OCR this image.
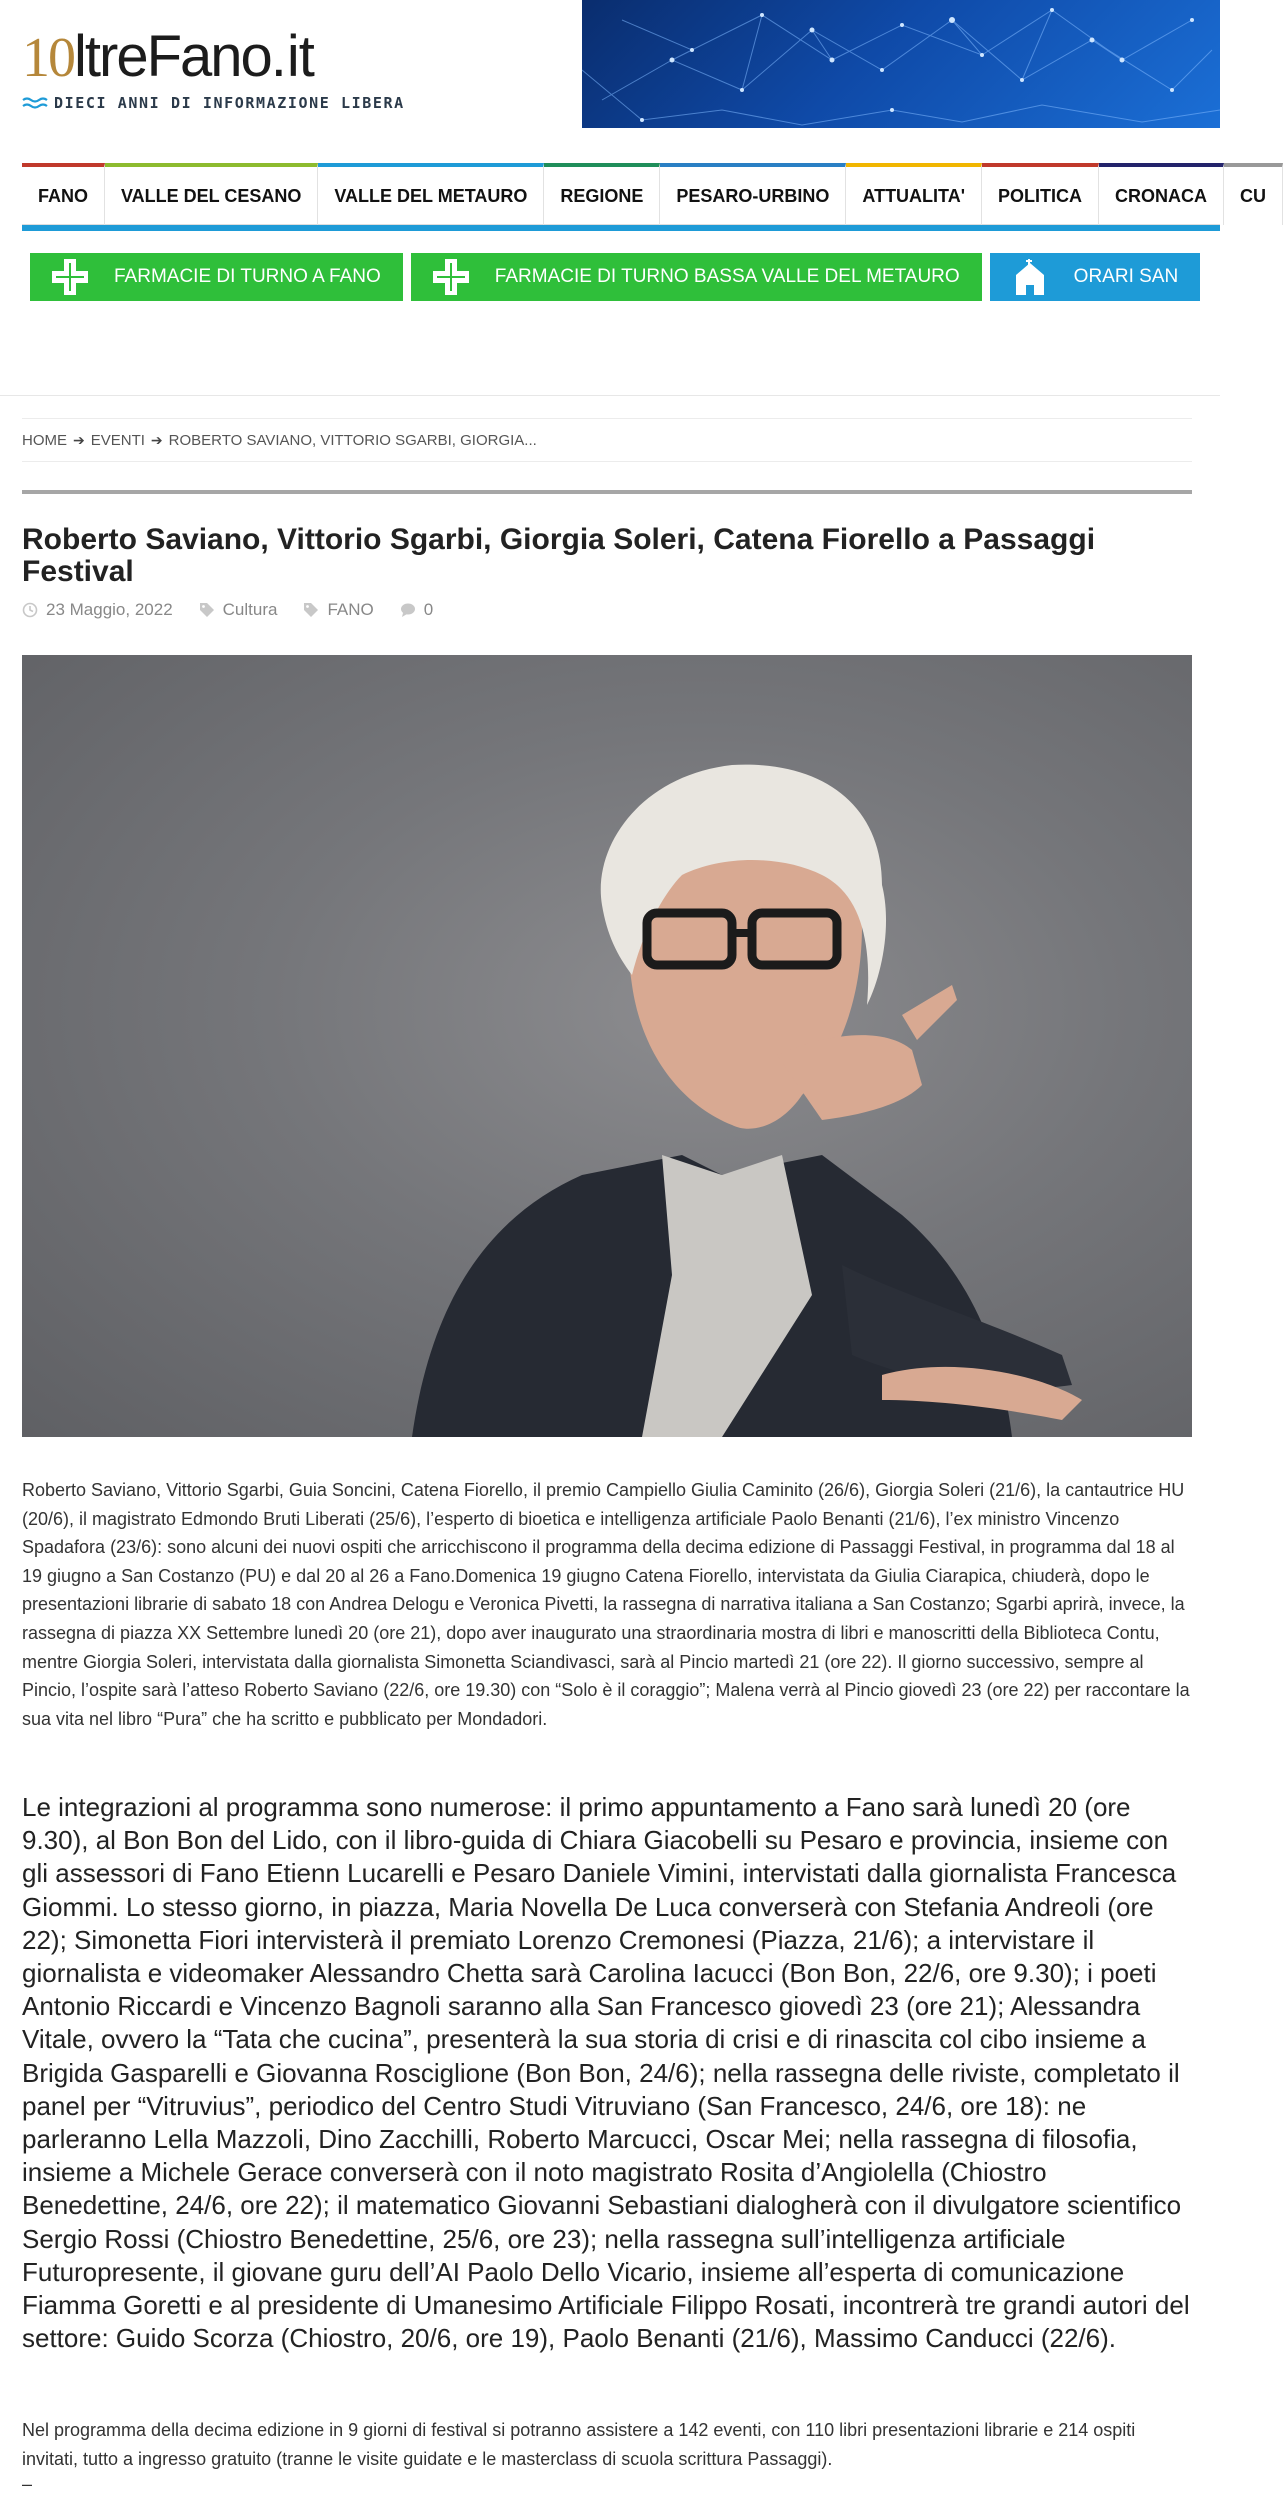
10 ltre Fano . it
DIECI ANNI DI INFORMAZIONE LIBERA
FANO VALLE DEL CESANO VALLE DEL METAURO REGIONE PESARO-URBINO ATTUALITA' POLITICA CRONACA CU
FARMACIE DI TURNO A FANO	FARMACIE DI TURNO BASSA VALLE DEL METAURO	ORARI SAN
HOME ➔ EVENTI ➔ ROBERTO SAVIANO, VITTORIO SGARBI, GIORGIA...
Roberto Saviano, Vittorio Sgarbi, Giorgia Soleri, Catena Fiorello a Passaggi Festival
23 Maggio, 2022	Cultura	FANO	0

Roberto Saviano, Vittorio Sgarbi, Guia Soncini, Catena Fiorello, il premio Campiello Giulia Caminito (26/6), Giorgia Soleri (21/6), la cantautrice HU (20/6), il magistrato Edmondo Bruti Liberati (25/6), l’esperto di bioetica e intelligenza artificiale Paolo Benanti (21/6), l’ex ministro Vincenzo Spadafora (23/6): sono alcuni dei nuovi ospiti che arricchiscono il programma della decima edizione di Passaggi Festival, in programma dal 18 al 19 giugno a San Costanzo (PU) e dal 20 al 26 a Fano.Domenica 19 giugno Catena Fiorello, intervistata da Giulia Ciarapica, chiuderà, dopo le presentazioni librarie di sabato 18 con Andrea Delogu e Veronica Pivetti, la rassegna di narrativa italiana a San Costanzo; Sgarbi aprirà, invece, la rassegna di piazza XX Settembre lunedì 20 (ore 21), dopo aver inaugurato una straordinaria mostra di libri e manoscritti della Biblioteca Contu, mentre Giorgia Soleri, intervistata dalla giornalista Simonetta Sciandivasci, sarà al Pincio martedì 21 (ore 22). Il giorno successivo, sempre al Pincio, l’ospite sarà l’atteso Roberto Saviano (22/6, ore 19.30) con “Solo è il coraggio”; Malena verrà al Pincio giovedì 23 (ore 22) per raccontare la sua vita nel libro “Pura” che ha scritto e pubblicato per Mondadori.

Le integrazioni al programma sono numerose: il primo appuntamento a Fano sarà lunedì 20 (ore 9.30), al Bon Bon del Lido, con il libro-guida di Chiara Giacobelli su Pesaro e provincia, insieme con gli assessori di Fano Etienn Lucarelli e Pesaro Daniele Vimini, intervistati dalla giornalista Francesca Giommi. Lo stesso giorno, in piazza, Maria Novella De Luca converserà con Stefania Andreoli (ore 22); Simonetta Fiori intervisterà il premiato Lorenzo Cremonesi (Piazza, 21/6); a intervistare il giornalista e videomaker Alessandro Chetta sarà Carolina Iacucci (Bon Bon, 22/6, ore 9.30); i poeti Antonio Riccardi e Vincenzo Bagnoli saranno alla San Francesco giovedì 23 (ore 21); Alessandra Vitale, ovvero la “Tata che cucina”, presenterà la sua storia di crisi e di rinascita col cibo insieme a Brigida Gasparelli e Giovanna Rosciglione (Bon Bon, 24/6); nella rassegna delle riviste, completato il panel per “Vitruvius”, periodico del Centro Studi Vitruviano (San Francesco, 24/6, ore 18): ne parleranno Lella Mazzoli, Dino Zacchilli, Roberto Marcucci, Oscar Mei; nella rassegna di filosofia, insieme a Michele Gerace converserà con il noto magistrato Rosita d’Angiolella (Chiostro Benedettine, 24/6, ore 22); il matematico Giovanni Sebastiani dialogherà con il divulgatore scientifico Sergio Rossi (Chiostro Benedettine, 25/6, ore 23); nella rassegna sull’intelligenza artificiale Futuropresente, il giovane guru dell’AI Paolo Dello Vicario, insieme all’esperta di comunicazione Fiamma Goretti e al presidente di Umanesimo Artificiale Filippo Rosati, incontrerà tre grandi autori del settore: Guido Scorza (Chiostro, 20/6, ore 19), Paolo Benanti (21/6), Massimo Canducci (22/6).

Nel programma della decima edizione in 9 giorni di festival si potranno assistere a 142 eventi, con 110 libri presentazioni librarie e 214 ospiti invitati, tutto a ingresso gratuito (tranne le visite guidate e le masterclass di scuola scrittura Passaggi).

–
